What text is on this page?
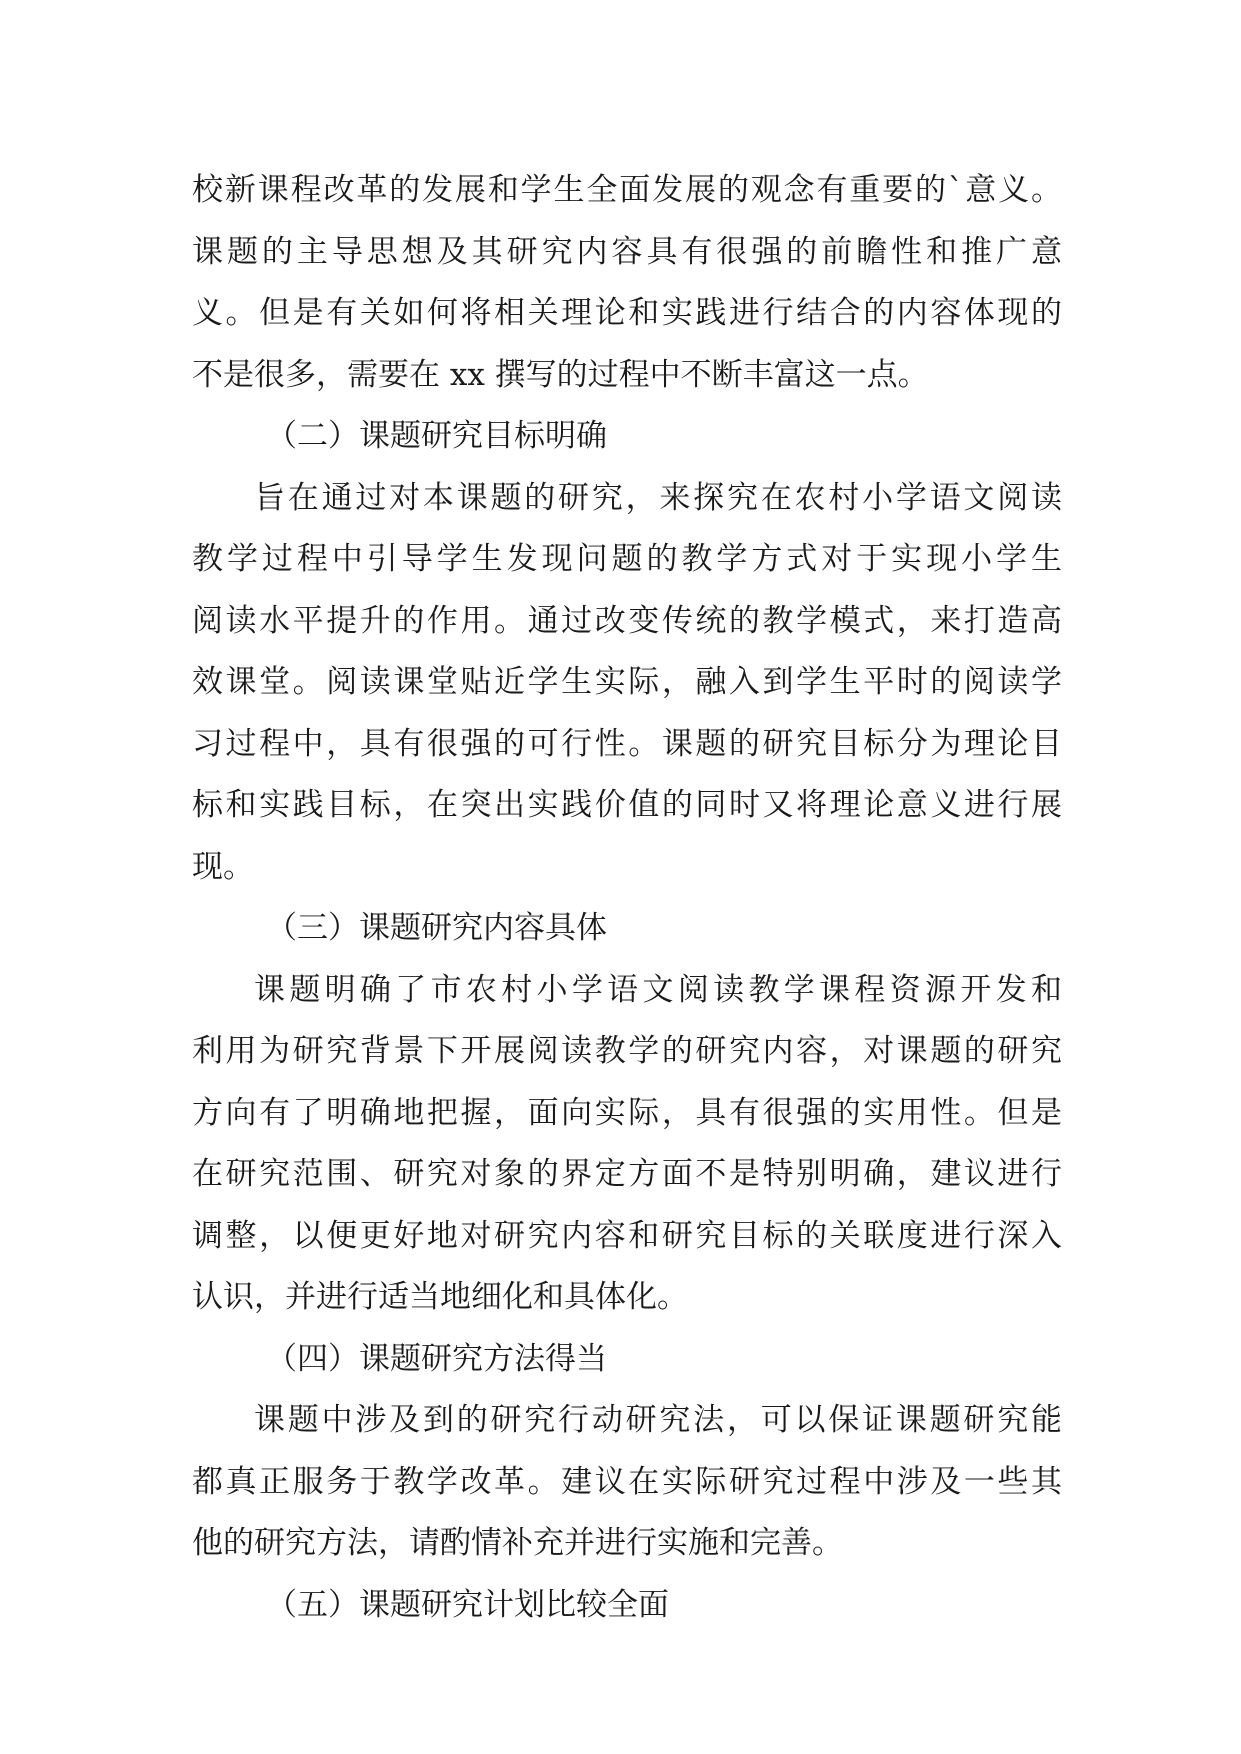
校新课程改革的发展和学生全面发展的观念有重要的`意义。
课题的主导思想及其研究内容具有很强的前瞻性和推广意
义。但是有关如何将相关理论和实践进行结合的内容体现的
不是很多，需要在 xx 撰写的过程中不断丰富这一点。
（二）课题研究目标明确
旨在通过对本课题的研究，来探究在农村小学语文阅读
教学过程中引导学生发现问题的教学方式对于实现小学生
阅读水平提升的作用。通过改变传统的教学模式，来打造高
效课堂。阅读课堂贴近学生实际，融入到学生平时的阅读学
习过程中，具有很强的可行性。课题的研究目标分为理论目
标和实践目标，在突出实践价值的同时又将理论意义进行展
现。
（三）课题研究内容具体
课题明确了市农村小学语文阅读教学课程资源开发和
利用为研究背景下开展阅读教学的研究内容，对课题的研究
方向有了明确地把握，面向实际，具有很强的实用性。但是
在研究范围、研究对象的界定方面不是特别明确，建议进行
调整，以便更好地对研究内容和研究目标的关联度进行深入
认识，并进行适当地细化和具体化。
（四）课题研究方法得当
课题中涉及到的研究行动研究法，可以保证课题研究能
都真正服务于教学改革。建议在实际研究过程中涉及一些其
他的研究方法，请酌情补充并进行实施和完善。
（五）课题研究计划比较全面
